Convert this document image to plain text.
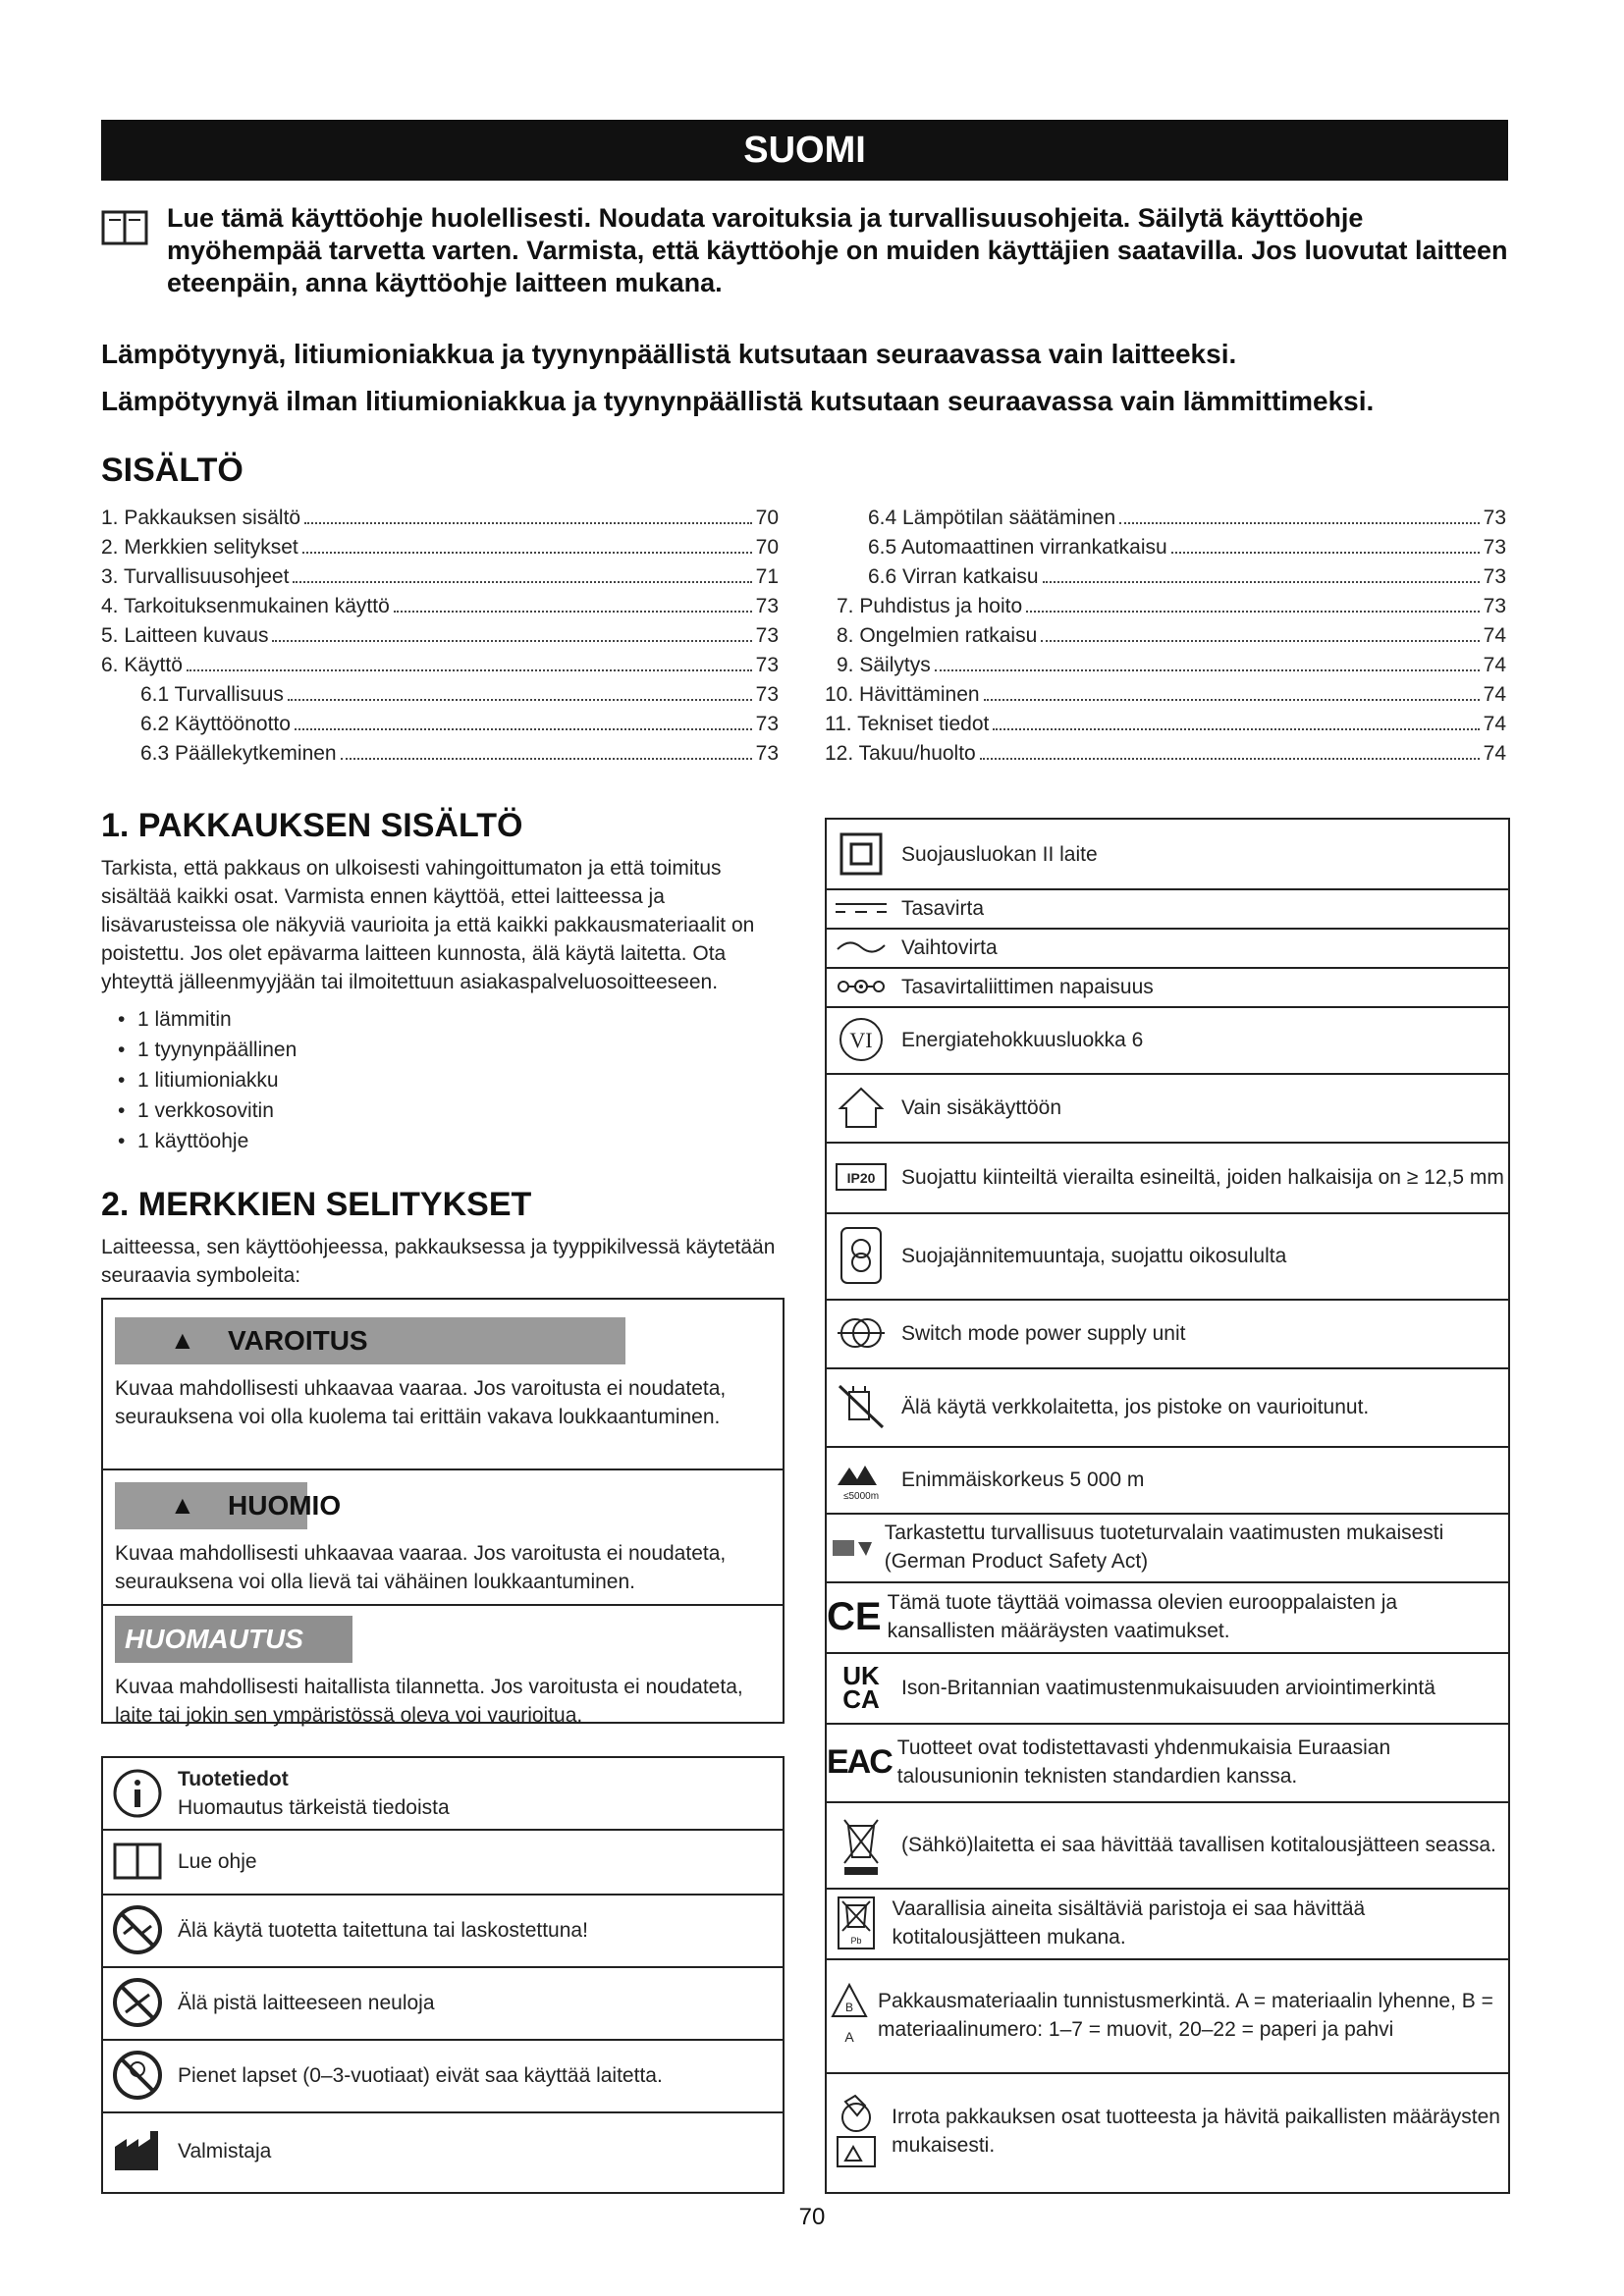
SUOMI
Lue tämä käyttöohje huolellisesti. Noudata varoituksia ja turvallisuusohjeita. Säilytä käyttöohje myöhempää tarvetta varten. Varmista, että käyttöohje on muiden käyttäjien saatavilla. Jos luovutat laitteen eteenpäin, anna käyttöohje laitteen mukana.
Lämpötyynyä, litiumioniakkua ja tyynynpäällistä kutsutaan seuraavassa vain laitteeksi.
Lämpötyynyä ilman litiumioniakkua ja tyynynpäällistä kutsutaan seuraavassa vain lämmittimeksi.
SISÄLTÖ
1. Pakkauksen sisältö	70
2. Merkkien selitykset	70
3. Turvallisuusohjeet	71
4. Tarkoituksenmukainen käyttö	73
5. Laitteen kuvaus	73
6. Käyttö	73
6.1 Turvallisuus	73
6.2 Käyttöönotto	73
6.3 Päällekytkeminen	73
6.4 Lämpötilan säätäminen	73
6.5 Automaattinen virrankatkaisu	73
6.6 Virran katkaisu	73
7. Puhdistus ja hoito	73
8. Ongelmien ratkaisu	74
9. Säilytys	74
10. Hävittäminen	74
11. Tekniset tiedot	74
12. Takuu/huolto	74
1. PAKKAUKSEN SISÄLTÖ
Tarkista, että pakkaus on ulkoisesti vahingoittumaton ja että toimitus sisältää kaikki osat. Varmista ennen käyttöä, ettei laitteessa ja lisävarusteissa ole näkyviä vaurioita ja että kaikki pakkausmateriaalit on poistettu. Jos olet epävarma laitteen kunnosta, älä käytä laitetta. Ota yhteyttä jälleenmyyjään tai ilmoitettuun asiakaspalveluosoitteeseen.
• 1 lämmitin
• 1 tyynynpäällinen
• 1 litiumioniakku
• 1 verkkosovitin
• 1 käyttöohje
2. MERKKIEN SELITYKSET
Laitteessa, sen käyttöohjeessa, pakkauksessa ja tyyppikilvessä käytetään seuraavia symboleita:
▲ VAROITUS
Kuvaa mahdollisesti uhkaavaa vaaraa. Jos varoitusta ei noudateta, seurauksena voi olla kuolema tai erittäin vakava loukkaantuminen.
▲ HUOMIO
Kuvaa mahdollisesti uhkaavaa vaaraa. Jos varoitusta ei noudateta, seurauksena voi olla lievä tai vähäinen loukkaantuminen.
HUOMAUTUS
Kuvaa mahdollisesti haitallista tilannetta. Jos varoitusta ei noudateta, laite tai jokin sen ympäristössä oleva voi vaurioitua.
Tuotetiedot
Huomautus tärkeistä tiedoista
Lue ohje
Älä käytä tuotetta taitettuna tai laskostettuna!
Älä pistä laitteeseen neuloja
Pienet lapset (0–3-vuotiaat) eivät saa käyttää laitetta.
Valmistaja
Suojausluokan II laite
Tasavirta
Vaihtovirta
Tasavirtaliittimen napaisuus
VI Energiatehokkuusluokka 6
Vain sisäkäyttöön
IP20 Suojattu kiinteiltä vierailta esineiltä, joiden halkaisija on ≥ 12,5 mm
Suojajännitemuuntaja, suojattu oikosululta
Switch mode power supply unit
Älä käytä verkkolaitetta, jos pistoke on vaurioitunut.
≤5000m
Enimmäiskorkeus 5 000 m
Tarkastettu turvallisuus tuoteturvalain vaatimusten mukaisesti (German Product Safety Act)
CE Tämä tuote täyttää voimassa olevien eurooppalaisten ja kansallisten määräysten vaatimukset.
UK
CA Ison-Britannian vaatimustenmukaisuuden arviointimerkintä
EAC Tuotteet ovat todistettavasti yhdenmukaisia Euraasian talousunionin teknisten standardien kanssa.
(Sähkö)laitetta ei saa hävittää tavallisen kotitalousjätteen seassa.
Pb
Vaarallisia aineita sisältäviä paristoja ei saa hävittää kotitalousjätteen mukana.
B
A
Pakkausmateriaalin tunnistusmerkintä. A = materiaalin lyhenne, B = materiaalinumero: 1–7 = muovit, 20–22 = paperi ja pahvi
Irrota pakkauksen osat tuotteesta ja hävitä paikallisten määräysten mukaisesti.
70
